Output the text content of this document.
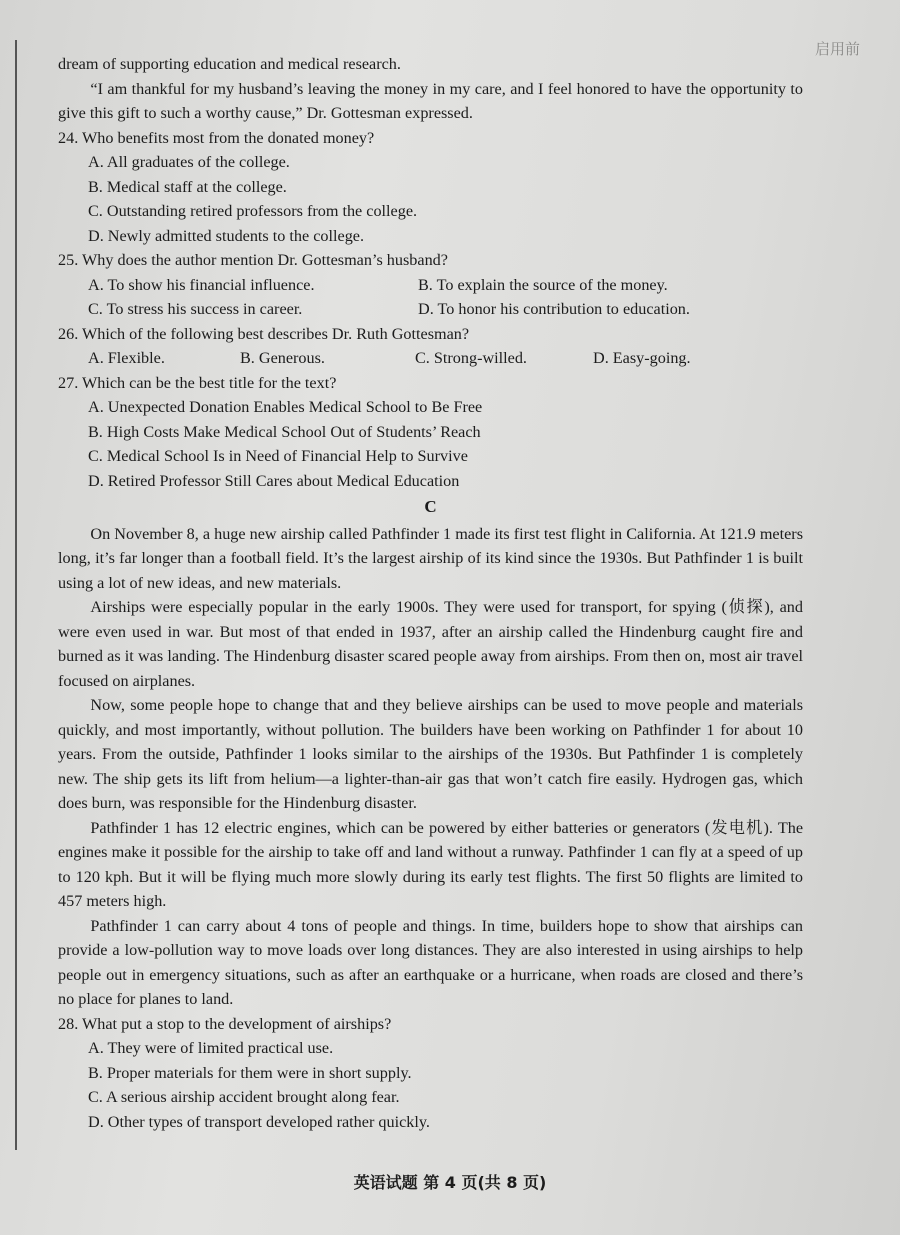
启用前

dream of supporting education and medical research.

“I am thankful for my husband’s leaving the money in my care, and I feel honored to have the opportunity to give this gift to such a worthy cause,” Dr. Gottesman expressed.

24. Who benefits most from the donated money?

A. All graduates of the college.

B. Medical staff at the college.

C. Outstanding retired professors from the college.

D. Newly admitted students to the college.

25. Why does the author mention Dr. Gottesman’s husband?

A. To show his financial influence.	B. To explain the source of the money.
C. To stress his success in career.	D. To honor his contribution to education.

26. Which of the following best describes Dr. Ruth Gottesman?

A. Flexible.	B. Generous.	C. Strong-willed.	D. Easy-going.

27. Which can be the best title for the text?

A. Unexpected Donation Enables Medical School to Be Free

B. High Costs Make Medical School Out of Students’ Reach

C. Medical School Is in Need of Financial Help to Survive

D. Retired Professor Still Cares about Medical Education

C

On November 8, a huge new airship called Pathfinder 1 made its first test flight in California. At 121.9 meters long, it’s far longer than a football field. It’s the largest airship of its kind since the 1930s. But Pathfinder 1 is built using a lot of new ideas, and new materials.

Airships were especially popular in the early 1900s. They were used for transport, for spying (侦探), and were even used in war. But most of that ended in 1937, after an airship called the Hindenburg caught fire and burned as it was landing. The Hindenburg disaster scared people away from airships. From then on, most air travel focused on airplanes.

Now, some people hope to change that and they believe airships can be used to move people and materials quickly, and most importantly, without pollution. The builders have been working on Pathfinder 1 for about 10 years. From the outside, Pathfinder 1 looks similar to the airships of the 1930s. But Pathfinder 1 is completely new. The ship gets its lift from helium—a lighter-than-air gas that won’t catch fire easily. Hydrogen gas, which does burn, was responsible for the Hindenburg disaster.

Pathfinder 1 has 12 electric engines, which can be powered by either batteries or generators (发电机). The engines make it possible for the airship to take off and land without a runway. Pathfinder 1 can fly at a speed of up to 120 kph. But it will be flying much more slowly during its early test flights. The first 50 flights are limited to 457 meters high.

Pathfinder 1 can carry about 4 tons of people and things. In time, builders hope to show that airships can provide a low-pollution way to move loads over long distances. They are also interested in using airships to help people out in emergency situations, such as after an earthquake or a hurricane, when roads are closed and there’s no place for planes to land.

28. What put a stop to the development of airships?

A. They were of limited practical use.

B. Proper materials for them were in short supply.

C. A serious airship accident brought along fear.

D. Other types of transport developed rather quickly.

英语试题 第 4 页(共 8 页)
